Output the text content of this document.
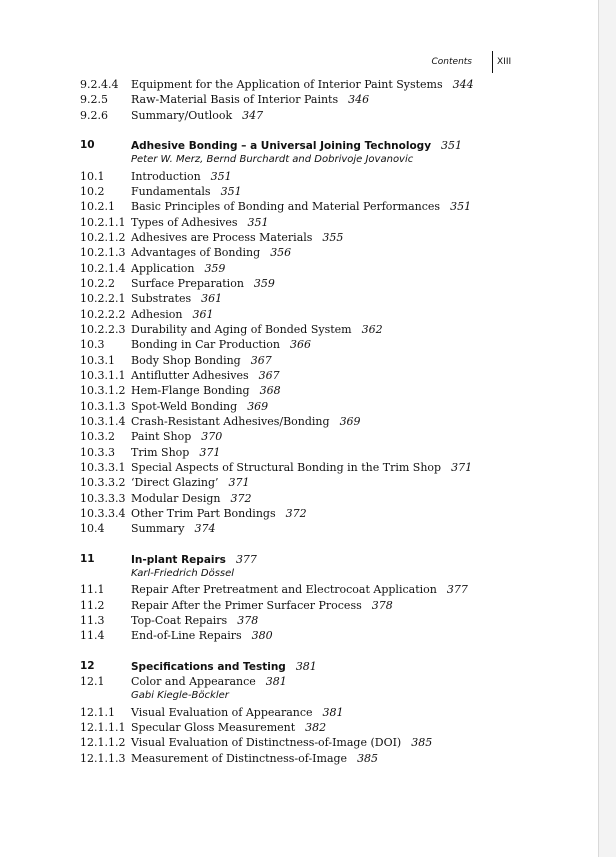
Contents	XIII
9.2.4.4 Equipment for the Application of Interior Paint Systems 344
9.2.5 Raw-Material Basis of Interior Paints 346
9.2.6 Summary/Outlook 347
10	Adhesive Bonding – a Universal Joining Technology 351
Peter W. Merz, Bernd Burchardt and Dobrivoje Jovanovic
10.1 Introduction 351
10.2 Fundamentals 351
10.2.1 Basic Principles of Bonding and Material Performances 351
10.2.1.1 Types of Adhesives 351
10.2.1.2 Adhesives are Process Materials 355
10.2.1.3 Advantages of Bonding 356
10.2.1.4 Application 359
10.2.2 Surface Preparation 359
10.2.2.1 Substrates 361
10.2.2.2 Adhesion 361
10.2.2.3 Durability and Aging of Bonded System 362
10.3 Bonding in Car Production 366
10.3.1 Body Shop Bonding 367
10.3.1.1 Antiflutter Adhesives 367
10.3.1.2 Hem-Flange Bonding 368
10.3.1.3 Spot-Weld Bonding 369
10.3.1.4 Crash-Resistant Adhesives/Bonding 369
10.3.2 Paint Shop 370
10.3.3 Trim Shop 371
10.3.3.1 Special Aspects of Structural Bonding in the Trim Shop 371
10.3.3.2 ‘Direct Glazing’ 371
10.3.3.3 Modular Design 372
10.3.3.4 Other Trim Part Bondings 372
10.4 Summary 374
11	In-plant Repairs 377
Karl-Friedrich Dössel
11.1 Repair After Pretreatment and Electrocoat Application 377
11.2 Repair After the Primer Surfacer Process 378
11.3 Top-Coat Repairs 378
11.4 End-of-Line Repairs 380
12	Specifications and Testing 381
12.1 Color and Appearance 381
Gabi Kiegle-Böckler
12.1.1 Visual Evaluation of Appearance 381
12.1.1.1 Specular Gloss Measurement 382
12.1.1.2 Visual Evaluation of Distinctness-of-Image (DOI) 385
12.1.1.3 Measurement of Distinctness-of-Image 385
